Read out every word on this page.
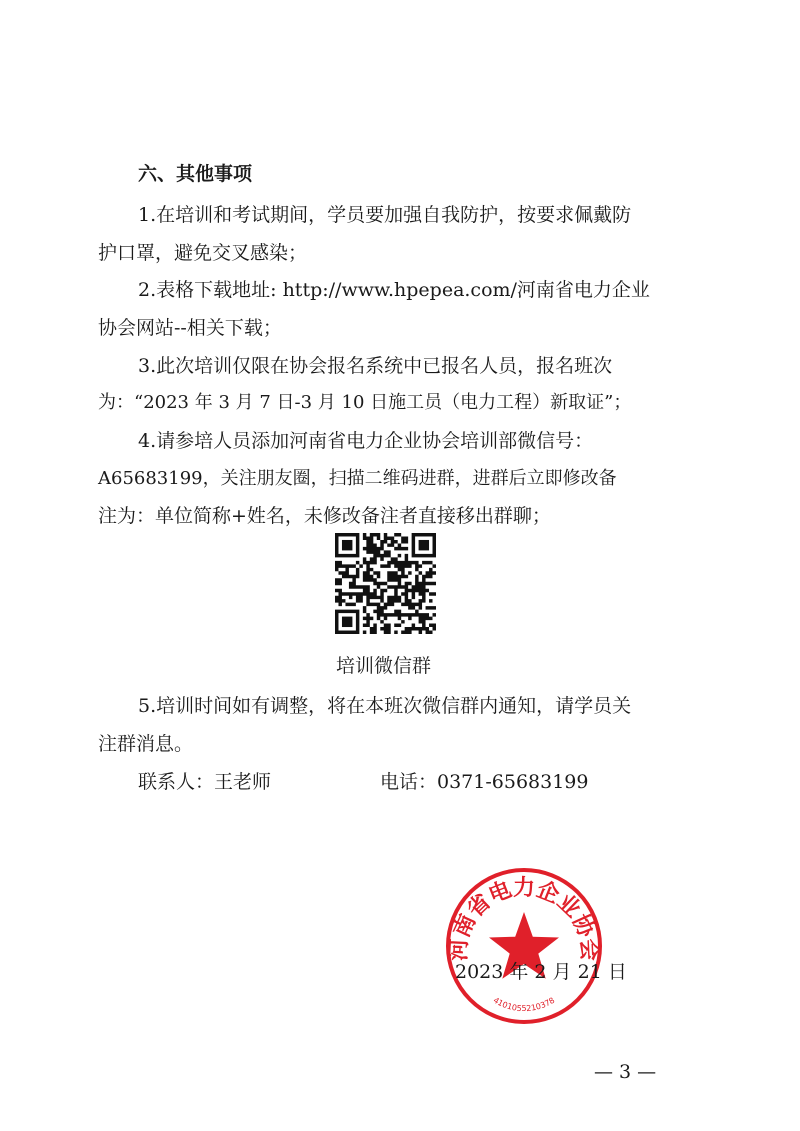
六、其他事项
1.在培训和考试期间，学员要加强自我防护，按要求佩戴防
护口罩，避免交叉感染；
2.表格下载地址: http://www.hpepea.com/河南省电力企业
协会网站--相关下载；
3.此次培训仅限在协会报名系统中已报名人员，报名班次
为：“2023 年 3 月 7 日-3 月 10 日施工员（电力工程）新取证”；
4.请参培人员添加河南省电力企业协会培训部微信号：
A65683199，关注朋友圈，扫描二维码进群，进群后立即修改备
注为：单位简称+姓名，未修改备注者直接移出群聊；
培训微信群
5.培训时间如有调整，将在本班次微信群内通知，请学员关
注群消息。
联系人：王老师	电话：0371-65683199
河南省电力企业协会
4101055210378
2023 年 2 月 21 日
— 3 —
